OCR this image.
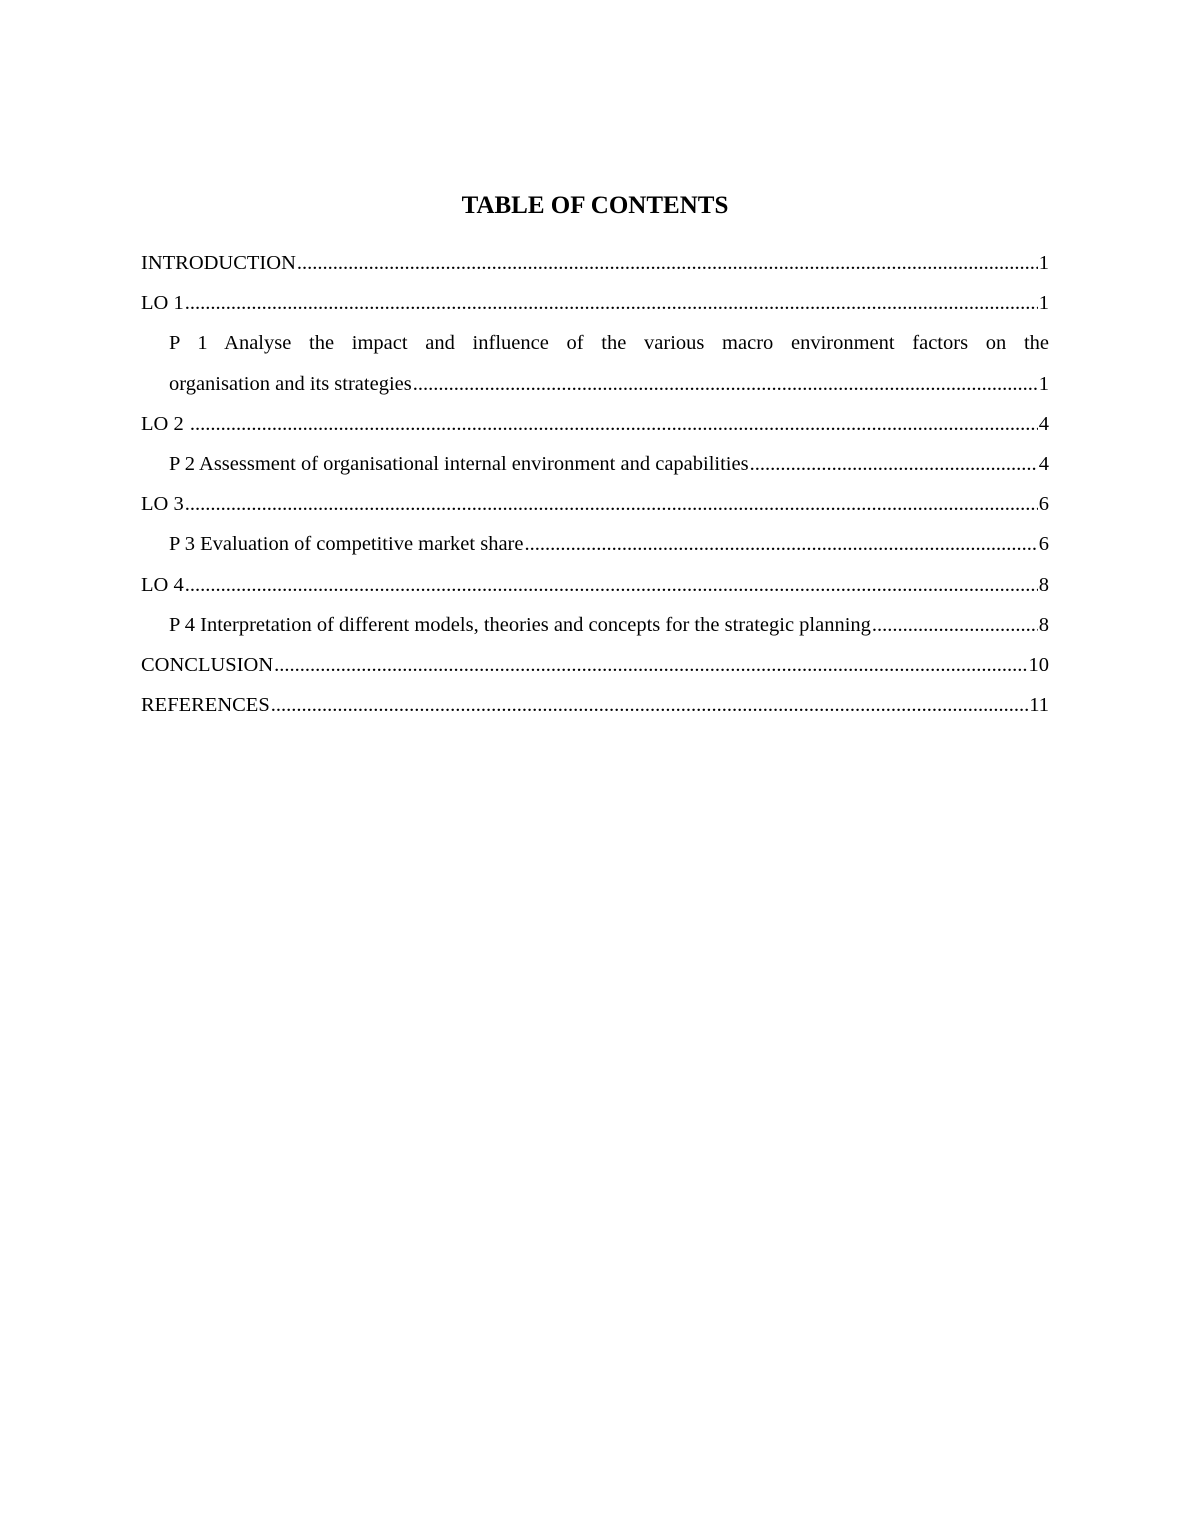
TABLE OF CONTENTS
INTRODUCTION .....	1
LO 1 .....	1
P 1 Analyse the impact and influence of the various macro environment factors on the
organisation and its strategies .....	1
LO 2 .....	4
P 2 Assessment of organisational internal environment and capabilities .....	4
LO 3 .....	6
P 3 Evaluation of competitive market share .....	6
LO 4 .....	8
P 4 Interpretation of different models, theories and concepts for the strategic planning .....	8
CONCLUSION .....	10
REFERENCES .....	11
